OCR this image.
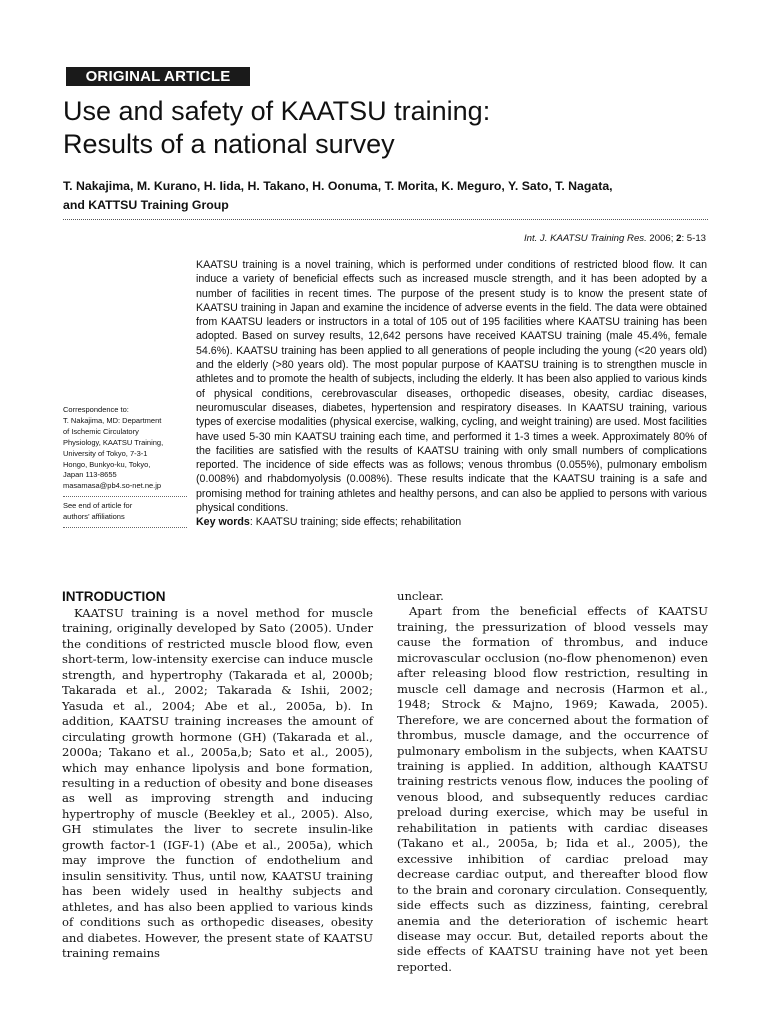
ORIGINAL ARTICLE
Use and safety of KAATSU training:
Results of a national survey
T. Nakajima, M. Kurano, H. Iida, H. Takano, H. Oonuma, T. Morita, K. Meguro, Y. Sato, T. Nagata,
and KATTSU Training Group
Int. J. KAATSU Training Res. 2006; 2: 5-13

KAATSU training is a novel training, which is performed under conditions of restricted blood flow. It can induce a variety of beneficial effects such as increased muscle strength, and it has been adopted by a number of facilities in recent times. The purpose of the present study is to know the present state of KAATSU training in Japan and examine the incidence of adverse events in the field. The data were obtained from KAATSU leaders or instructors in a total of 105 out of 195 facilities where KAATSU training has been adopted. Based on survey results, 12,642 persons have received KAATSU training (male 45.4%, female 54.6%). KAATSU training has been applied to all generations of people including the young (<20 years old) and the elderly (>80 years old). The most popular purpose of KAATSU training is to strengthen muscle in athletes and to promote the health of subjects, including the elderly. It has been also applied to various kinds of physical conditions, cerebrovascular diseases, orthopedic diseases, obesity, cardiac diseases, neuromuscular diseases, diabetes, hypertension and respiratory diseases. In KAATSU training, various types of exercise modalities (physical exercise, walking, cycling, and weight training) are used. Most facilities have used 5-30 min KAATSU training each time, and performed it 1-3 times a week. Approximately 80% of the facilities are satisfied with the results of KAATSU training with only small numbers of complications reported. The incidence of side effects was as follows; venous thrombus (0.055%), pulmonary embolism (0.008%) and rhabdomyolysis (0.008%). These results indicate that the KAATSU training is a safe and promising method for training athletes and healthy persons, and can also be applied to persons with various physical conditions.

Key words: KAATSU training; side effects; rehabilitation

Correspondence to:

T. Nakajima, MD: Department

of Ischemic Circulatory

Physiology, KAATSU Training,

University of Tokyo, 7-3-1

Hongo, Bunkyo-ku, Tokyo,

Japan 113-8655

masamasa@pb4.so-net.ne.jp

See end of article for

authors’ affiliations

INTRODUCTION

KAATSU training is a novel method for muscle training, originally developed by Sato (2005). Under the conditions of restricted muscle blood flow, even short-term, low-intensity exercise can induce muscle strength, and hypertrophy (Takarada et al, 2000b; Takarada et al., 2002; Takarada & Ishii, 2002; Yasuda et al., 2004; Abe et al., 2005a, b). In addition, KAATSU training increases the amount of circulating growth hormone (GH) (Takarada et al., 2000a; Takano et al., 2005a,b; Sato et al., 2005), which may enhance lipolysis and bone formation, resulting in a reduction of obesity and bone diseases as well as improving strength and inducing hypertrophy of muscle (Beekley et al., 2005). Also, GH stimulates the liver to secrete insulin-like growth factor-1 (IGF-1) (Abe et al., 2005a), which may improve the function of endothelium and insulin sensitivity. Thus, until now, KAATSU training has been widely used in healthy subjects and athletes, and has also been applied to various kinds of conditions such as orthopedic diseases, obesity and diabetes. However, the present state of KAATSU training remains

unclear.

Apart from the beneficial effects of KAATSU training, the pressurization of blood vessels may cause the formation of thrombus, and induce microvascular occlusion (no-flow phenomenon) even after releasing blood flow restriction, resulting in muscle cell damage and necrosis (Harmon et al., 1948; Strock & Majno, 1969; Kawada, 2005). Therefore, we are concerned about the formation of thrombus, muscle damage, and the occurrence of pulmonary embolism in the subjects, when KAATSU training is applied. In addition, although KAATSU training restricts venous flow, induces the pooling of venous blood, and subsequently reduces cardiac preload during exercise, which may be useful in rehabilitation in patients with cardiac diseases (Takano et al., 2005a, b; Iida et al., 2005), the excessive inhibition of cardiac preload may decrease cardiac output, and thereafter blood flow to the brain and coronary circulation. Consequently, side effects such as dizziness, fainting, cerebral anemia and the deterioration of ischemic heart disease may occur. But, detailed reports about the side effects of KAATSU training have not yet been reported.
